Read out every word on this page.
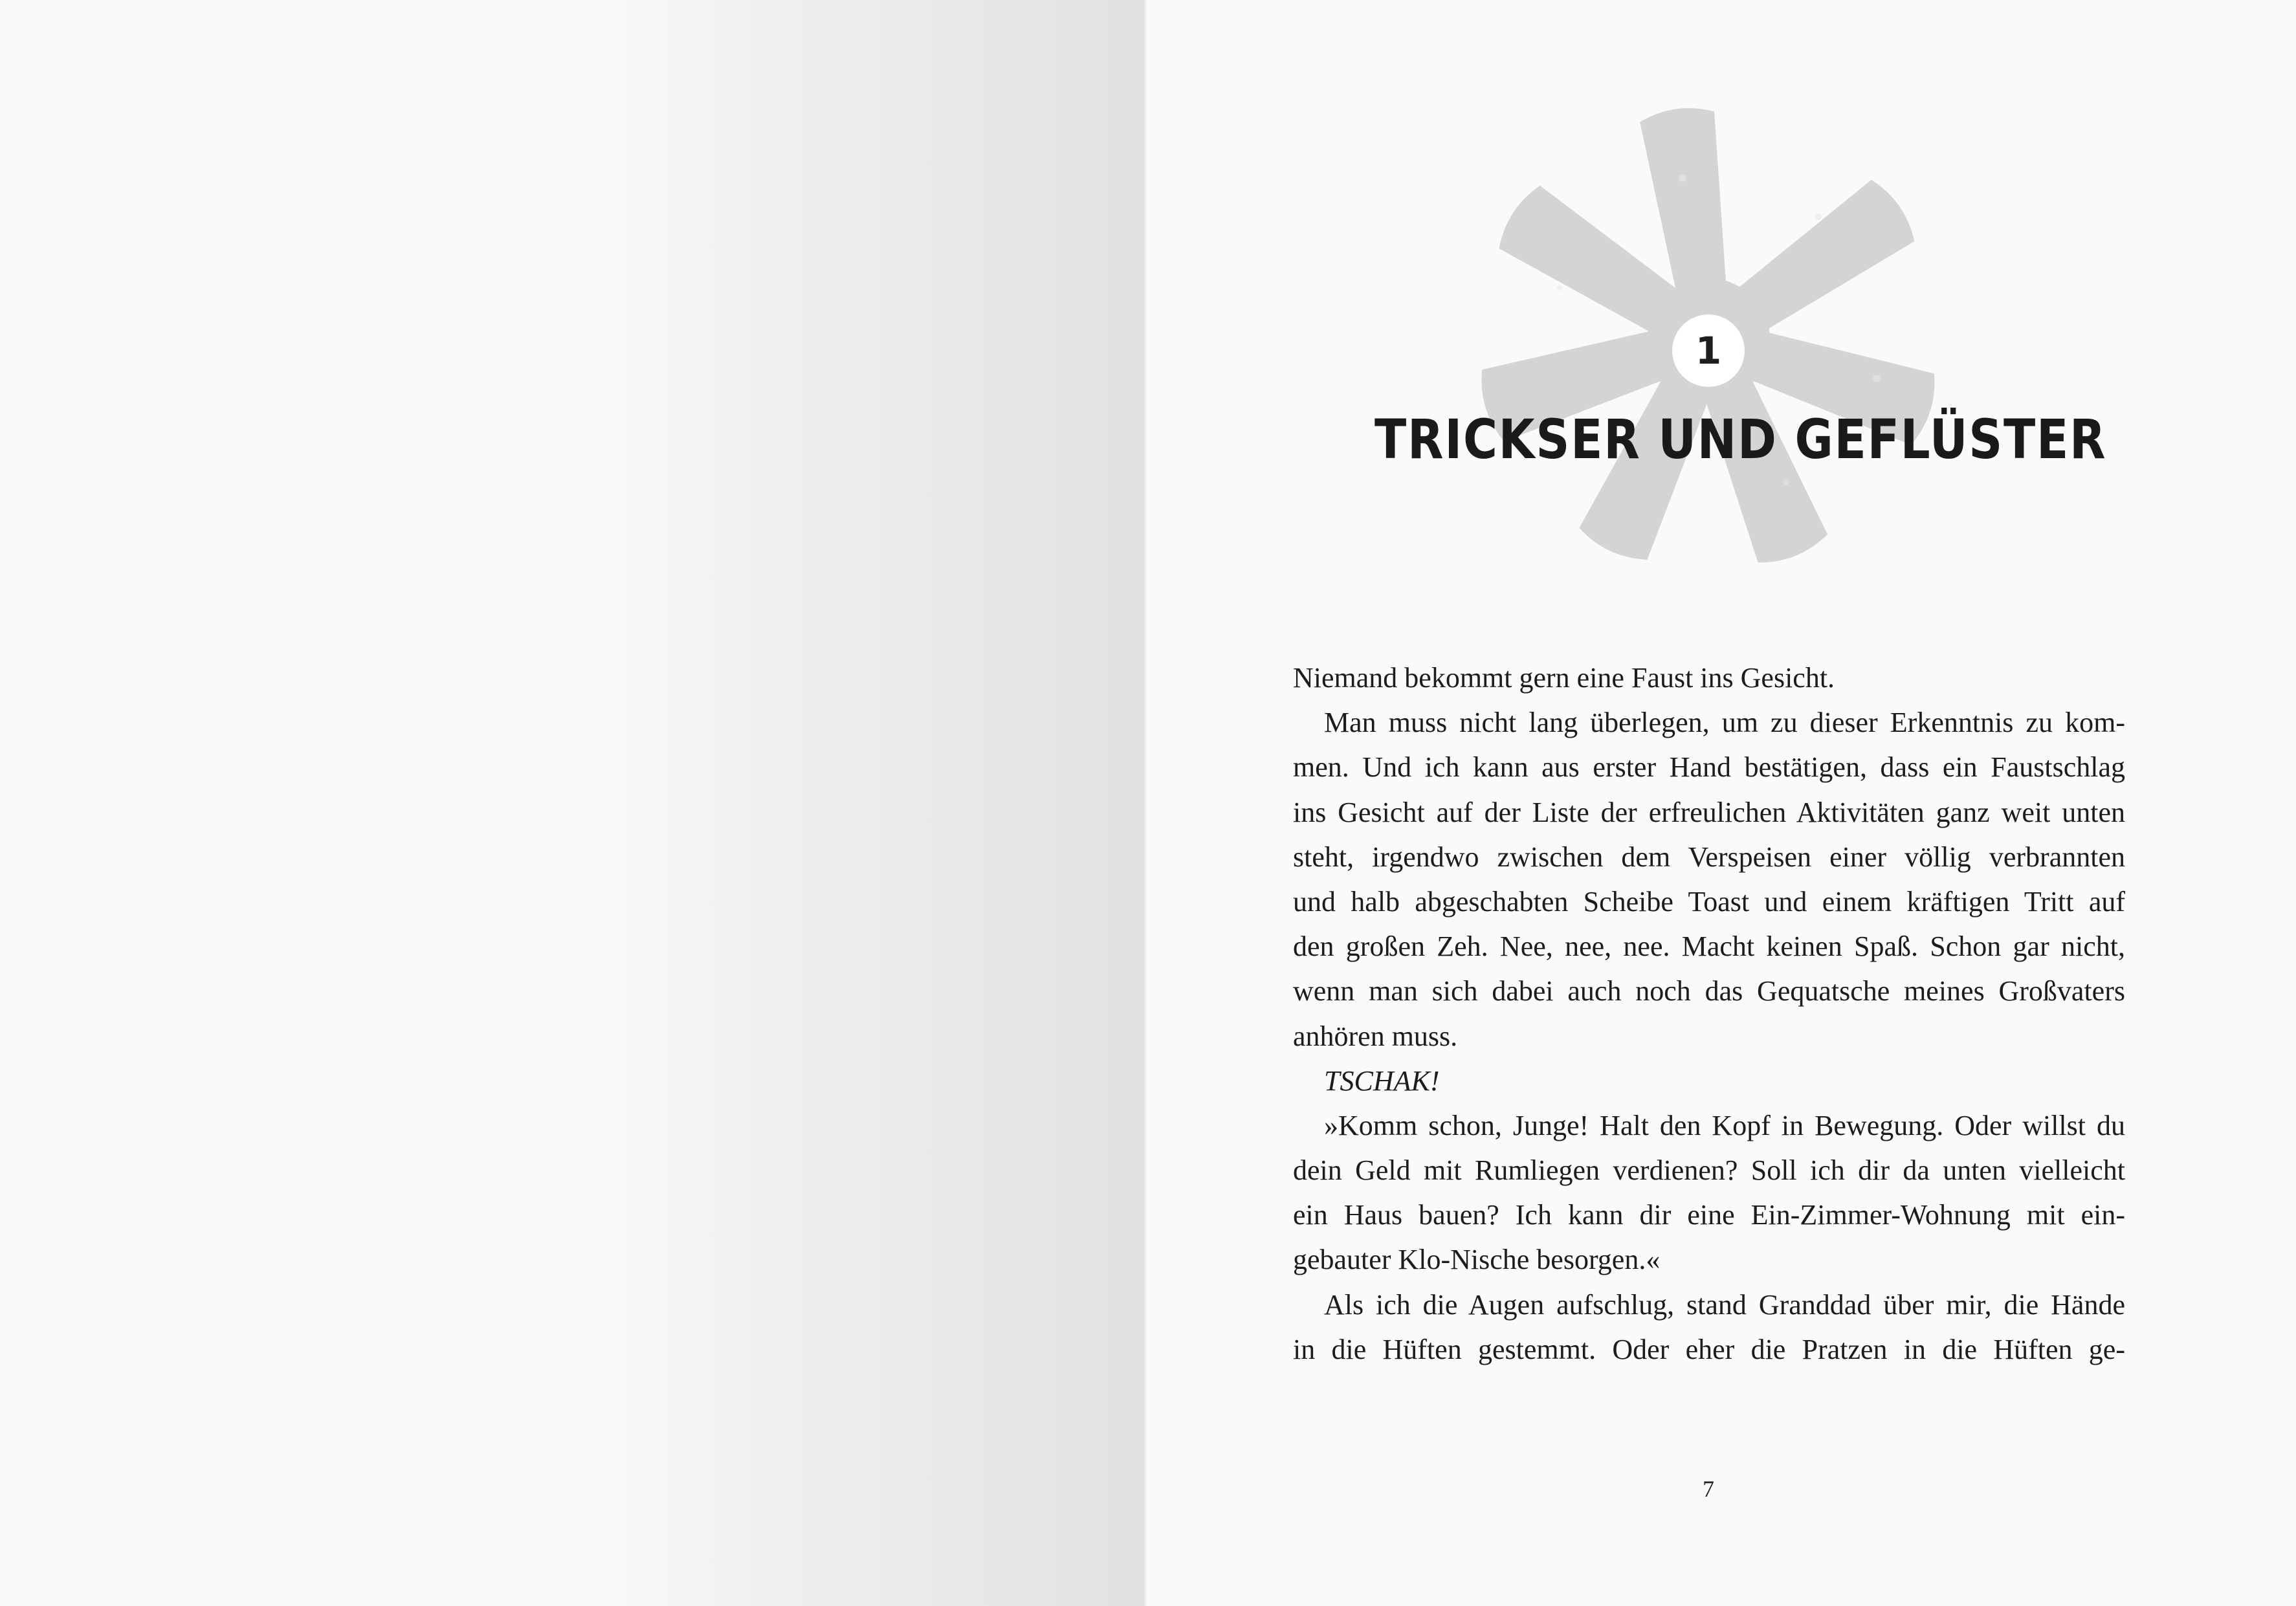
1
TRICKSER UND GEFLÜSTER
Niemand bekommt gern eine Faust ins Gesicht.
Man muss nicht lang überlegen, um zu dieser Erkenntnis zu kom-
men. Und ich kann aus erster Hand bestätigen, dass ein Faustschlag
ins Gesicht auf der Liste der erfreulichen Aktivitäten ganz weit unten
steht, irgendwo zwischen dem Verspeisen einer völlig verbrannten
und halb abgeschabten Scheibe Toast und einem kräftigen Tritt auf
den großen Zeh. Nee, nee, nee. Macht keinen Spaß. Schon gar nicht,
wenn man sich dabei auch noch das Gequatsche meines Großvaters
anhören muss.
TSCHAK!
»Komm schon, Junge! Halt den Kopf in Bewegung. Oder willst du
dein Geld mit Rumliegen verdienen? Soll ich dir da unten vielleicht
ein Haus bauen? Ich kann dir eine Ein-Zimmer-Wohnung mit ein-
gebauter Klo-Nische besorgen.«
Als ich die Augen aufschlug, stand Granddad über mir, die Hände
in die Hüften gestemmt. Oder eher die Pratzen in die Hüften ge-
7
